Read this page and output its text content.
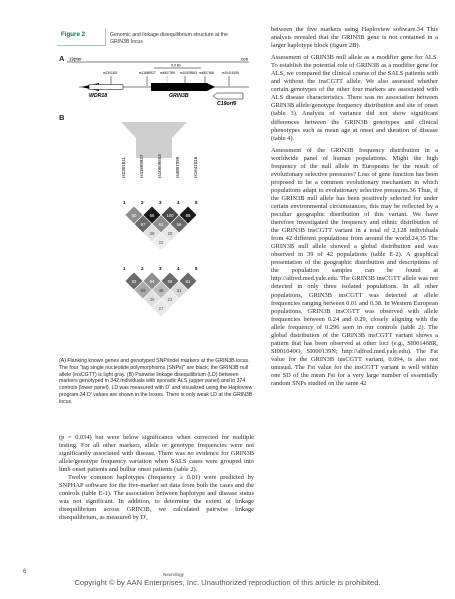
Figure 2	Genomic and linkage disequilibrium structure at the GRIN3B locus
A 19pter	cen
9.3 kb
rs2301811	rs11669927 rs4807399 rs10509553 rs4807406 rs10416196
WDR18	GRIN3B
C19orf6
B
rs2301811	rs11669927	rs10509553	rs4807399	rs1641016
1	2	3	4	5
80	66	100	88
97	52	56
39	28
22
1	2	3	4	5
82	64	66	61
60	49	31
39	22
27
(A) Flanking known genes and genotyped SNP/indel markers at the GRIN3B locus. The four "tag single nucleotide polymorphisms (SNPs)" are black; the GRIN3B null allele (insCGTT) is light gray. (B) Pairwise linkage disequilibrium (LD) between markers genotyped in 342 individuals with sporadic ALS (upper panel) and in 374 controls (lower panel). LD was measured with D' and visualized using the Haploview program.34 D' values are shown in the boxes. There is only weak LD at the GRIN3B locus.

(p = 0.034) but were below significance when corrected for multiple testing. For all other markers, allele or genotype frequencies were not significantly associated with disease. There was no evidence for GRIN3B allele/genotype frequency variation when SALS cases were grouped into limb onset patients and bulbar onset patients (table 2).

Twelve common haplotypes (frequency ≥ 0.01) were predicted by SNPHAP software for the five-marker set data from both the cases and the controls (table E-1). The association between haplotype and disease status was not significant. In addition, to determine the extent of linkage disequilibrium across GRIN3B, we calculated pairwise linkage disequilibrium, as measured by D',

between the five markers using Haploview software.34 This analysis revealed that the GRIN3B gene is not contained in a larger haplotype block (figure 2B).

Assessment of GRIN3B null allele as a modifier gene for ALS. To establish the potential role of GRIN3B as a modifier gene for ALS, we compared the clinical course of the SALS patients with and without the insCGTT allele. We also assessed whether certain genotypes of the other four markers are associated with ALS disease characteristics. There was no association between GRIN3B allele/genotype frequency distribution and site of onset (table 3). Analysis of variance did not show significant differences between the GRIN3B genotypes and clinical phenotypes such as mean age at onset and duration of disease (table 4).

Assessment of the GRIN3B frequency distribution in a worldwide panel of human populations. Might the high frequency of the null allele in Europeans be the result of evolutionary selective pressures? Loss of gene function has been proposed to be a common evolutionary mechanism in which populations adapt to evolutionary selective pressures.36 Thus, if the GRIN3B null allele has been positively selected for under certain environmental circumstances, this may be reflected by a peculiar geographic distribution of this variant. We have therefore investigated the frequency and ethnic distribution of the GRIN3B insCGTT variant in a total of 2,128 individuals from 42 different populations from around the world.24,35 The GRIN3B null allele showed a global distribution and was observed in 39 of 42 populations (table E-2). A graphical presentation of the geographic distribution and descriptions of the population samples can be found at http://alfred.med.yale.edu. The GRIN3B insCGTT allele was not detected in only three isolated populations. In all other populations, GRIN3B insCGTT was detected at allele frequencies ranging between 0.01 and 0.38. In Western European populations, GRIN3B insCGTT was observed with allele frequencies between 0.24 and 0.29, closely aligning with the allele frequency of 0.296 seen in our controls (table 2). The global distribution of the GRIN3B insCGTT variant shows a pattern that has been observed at other loci (e.g., SI001468R, SI001049O, SI000139N; http://alfred.med.yale.edu). The Fst value for the GRIN3B insCGTT variant, 0.094, is also not unusual. The Fst value for the insCGTT variant is well within one SD of the mean Fst for a very large number of essentially random SNPs studied on the same 42

6	Neurology
Copyright © by AAN Enterprises, Inc. Unauthorized reproduction of this article is prohibited.
